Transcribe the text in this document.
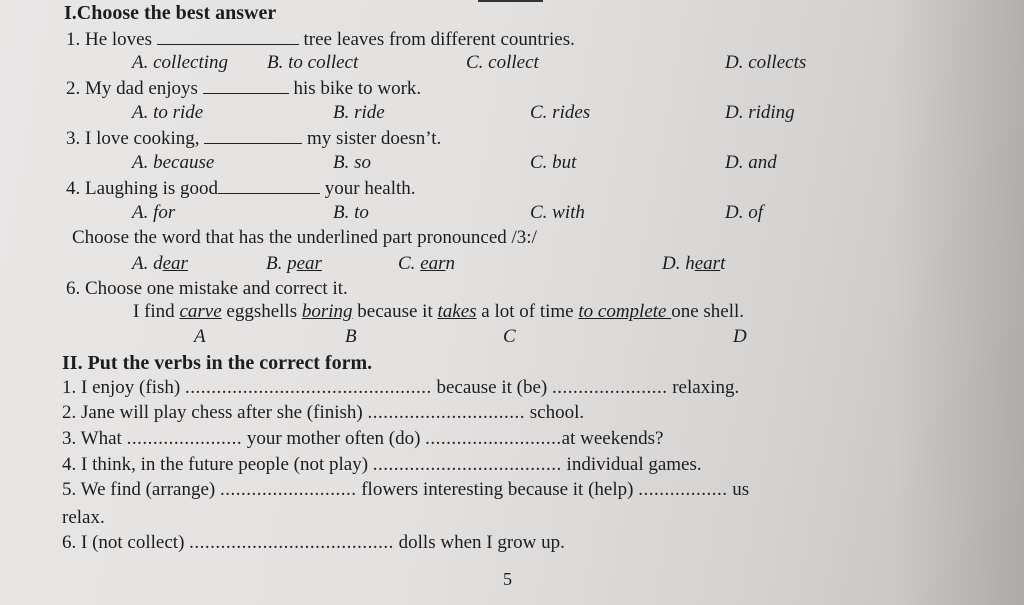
I.Choose the best answer
1. He loves	tree leaves from different countries.
A. collecting B. to collect	C. collect	D. collects
2. My dad enjoys	his bike to work.
A. to ride	B. ride	C. rides	D. riding
3. I love cooking,	my sister doesn’t.
A. because	B. so	C. but	D. and
4. Laughing is good	your health.
A. for	B. to	C. with	D. of
Choose the word that has the underlined part pronounced /3:/
A. dear	B. pear	C. earn	D. heart
6. Choose one mistake and correct it.
I find carve eggshells boring because it takes a lot of time to complete one shell.
A	B	C	D
II. Put the verbs in the correct form.
1. I enjoy (fish) ............................................... because it (be) ...................... relaxing.
2. Jane will play chess after she (finish) .............................. school.
3. What ...................... your mother often (do) ..........................at weekends?
4. I think, in the future people (not play) .................................... individual games.
5. We find (arrange) .......................... flowers interesting because it (help) ................. us
relax.
6. I (not collect) ....................................... dolls when I grow up.
5
